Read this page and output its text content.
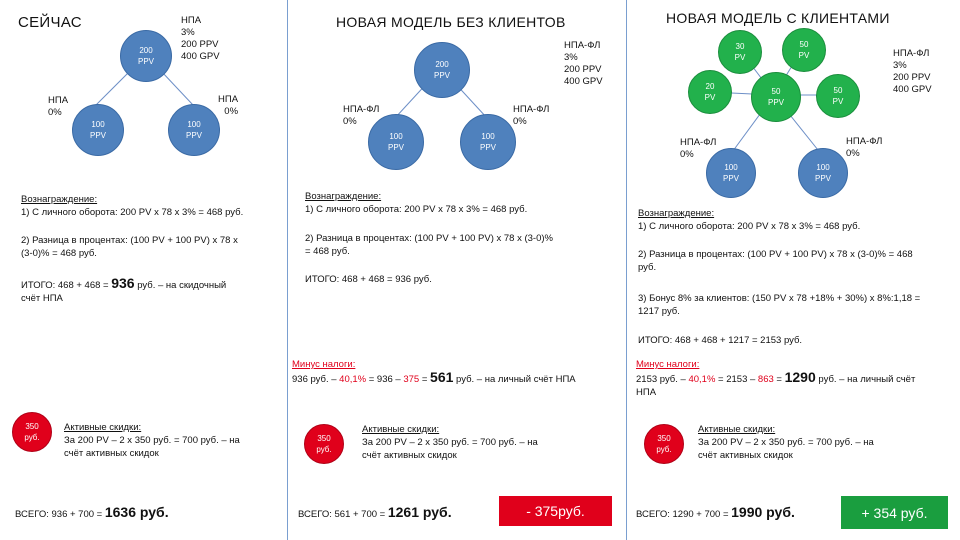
СЕЙЧАС	НПА
3%
200 PPV
400 GPV
200
PPV
НПА
0%
НПА
0%
100
PPV
100
PPV
Вознаграждение:
1) С личного оборота: 200 PV х 78 х 3% = 468 руб.
2) Разница в процентах: (100 PV + 100 PV) х 78 х
(3-0)% = 468 руб.
ИТОГО: 468 + 468 = 936 руб. – на скидочный
счёт НПА
350
руб.
Активные скидки:
За 200 PV – 2 х 350 руб. = 700 руб. – на
счёт активных скидок
ВСЕГО: 936 + 700 = 1636 руб.
НОВАЯ МОДЕЛЬ БЕЗ КЛИЕНТОВ
НПА-ФЛ
3%
200 PPV
400 GPV
200
PPV
НПА-ФЛ
0%
НПА-ФЛ
0%
100
PPV
100
PPV
Вознаграждение:
1) С личного оборота: 200 PV х 78 х 3% = 468 руб.
2) Разница в процентах: (100 PV + 100 PV) х 78 х (3-0)%
= 468 руб.
ИТОГО: 468 + 468 = 936 руб.
Минус налоги:
936 руб. – 40,1% = 936 – 375 = 561 руб. – на личный счёт НПА
350
руб.
Активные скидки:
За 200 PV – 2 х 350 руб. = 700 руб. – на
счёт активных скидок
ВСЕГО: 561 + 700 = 1261 руб.	- 375руб.
НОВАЯ МОДЕЛЬ С КЛИЕНТАМИ
НПА-ФЛ
3%
200 PPV
400 GPV
30
PV
50
PV
20
PV
50
PPV
50
PV
НПА-ФЛ
0%
НПА-ФЛ
0%
100
PPV
100
PPV
Вознаграждение:
1) С личного оборота: 200 PV х 78 х 3% = 468 руб.
2) Разница в процентах: (100 PV + 100 PV) х 78 х (3-0)% = 468
руб.
3) Бонус 8% за клиентов: (150 PV х 78 +18% + 30%) х 8%:1,18 =
1217 руб.
ИТОГО: 468 + 468 + 1217 = 2153 руб.
Минус налоги:
2153 руб. – 40,1% = 2153 – 863 = 1290 руб. – на личный счёт
НПА
350
руб.
Активные скидки:
За 200 PV – 2 х 350 руб. = 700 руб. – на
счёт активных скидок
ВСЕГО: 1290 + 700 = 1990 руб.	+ 354 руб.
